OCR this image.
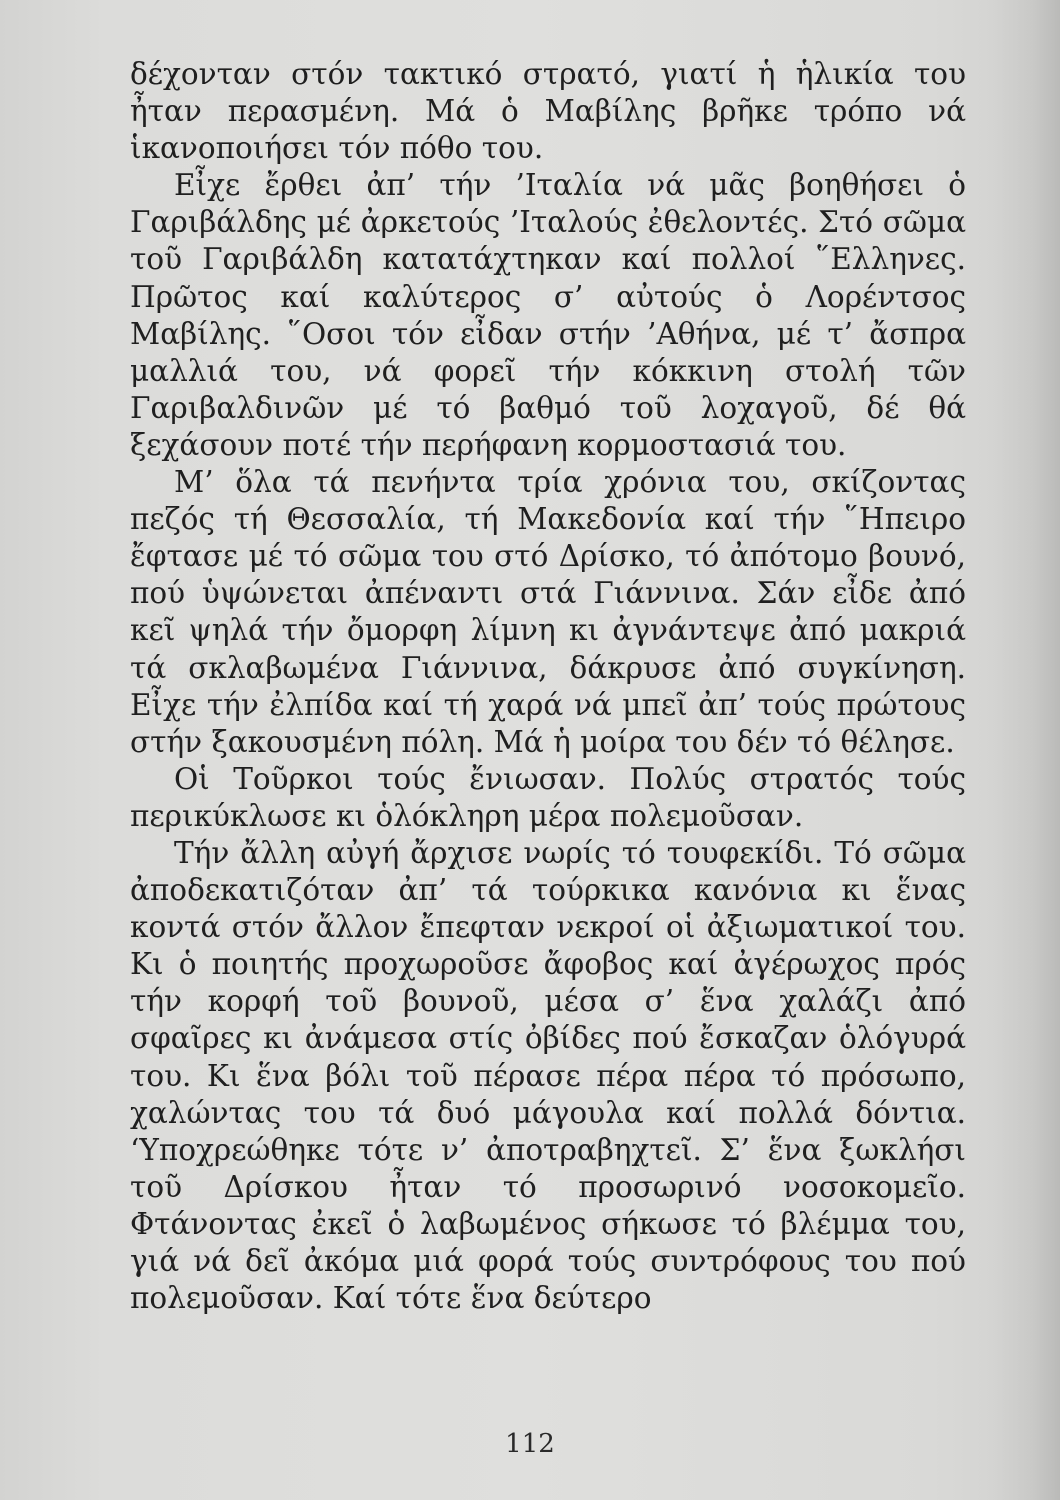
δέχονταν στόν τακτικό στρατό, γιατί ἡ ἡλικία του ἦταν περασμένη. Μά ὁ Μαβίλης βρῆκε τρόπο νά ἱκανοποιήσει τόν πόθο του.

Εἶχε ἔρθει ἀπ’ τήν ’Ιταλία νά μᾶς βοηθήσει ὁ Γαριβάλδης μέ ἀρκετούς ’Ιταλούς ἐθελοντές. Στό σῶμα τοῦ Γαριβάλδη κατατάχτηκαν καί πολλοί ῞Ελληνες. Πρῶτος καί καλύτερος σ’ αὐτούς ὁ Λορέντσος Μαβίλης. ῞Οσοι τόν εἶδαν στήν ’Αθήνα, μέ τ’ ἄσπρα μαλλιά του, νά φορεῖ τήν κόκκινη στολή τῶν Γαριβαλδινῶν μέ τό βαθμό τοῦ λοχαγοῦ, δέ θά ξεχάσουν ποτέ τήν περήφανη κορμοστασιά του.

Μ’ ὅλα τά πενήντα τρία χρόνια του, σκίζοντας πεζός τή Θεσσαλία, τή Μακεδονία καί τήν ῞Ηπειρο ἔφτασε μέ τό σῶμα του στό Δρίσκο, τό ἀπότομο βουνό, πού ὑψώνεται ἀπέναντι στά Γιάννινα. Σάν εἶδε ἀπό κεῖ ψηλά τήν ὄμορφη λίμνη κι ἀγνάντεψε ἀπό μακριά τά σκλαβωμένα Γιάννινα, δάκρυσε ἀπό συγκίνηση. Εἶχε τήν ἐλπίδα καί τή χαρά νά μπεῖ ἀπ’ τούς πρώτους στήν ξακουσμένη πόλη. Μά ἡ μοίρα του δέν τό θέλησε.

Οἱ Τοῦρκοι τούς ἔνιωσαν. Πολύς στρατός τούς περικύκλωσε κι ὁλόκληρη μέρα πολεμοῦσαν.

Τήν ἄλλη αὐγή ἄρχισε νωρίς τό τουφεκίδι. Τό σῶμα ἀποδεκατιζόταν ἀπ’ τά τούρκικα κανόνια κι ἕνας κοντά στόν ἄλλον ἔπεφταν νεκροί οἱ ἀξιωματικοί του. Κι ὁ ποιητής προχωροῦσε ἄφοβος καί ἀγέρωχος πρός τήν κορφή τοῦ βουνοῦ, μέσα σ’ ἕνα χαλάζι ἀπό σφαῖρες κι ἀνάμεσα στίς ὀβίδες πού ἔσκαζαν ὁλόγυρά του. Κι ἕνα βόλι τοῦ πέρασε πέρα πέρα τό πρόσωπο, χαλώντας του τά δυό μάγουλα καί πολλά δόντια. ‘Υποχρεώθηκε τότε ν’ ἀποτραβηχτεῖ. Σ’ ἕνα ξωκλήσι τοῦ Δρίσκου ἦταν τό προσωρινό νοσοκομεῖο. Φτάνοντας ἐκεῖ ὁ λαβωμένος σήκωσε τό βλέμμα του, γιά νά δεῖ ἀκόμα μιά φορά τούς συντρόφους του πού πολεμοῦσαν. Καί τότε ἕνα δεύτερο

112
